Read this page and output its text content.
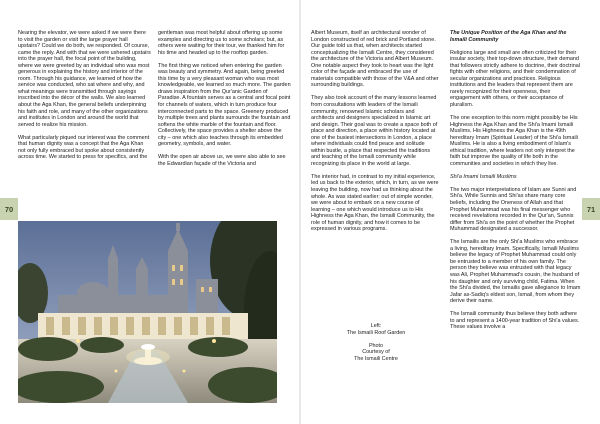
Nearing the elevator, we were asked if we were there to visit the garden or visit the large prayer hall upstairs? Could we do both, we responded. Of course, came the reply. And with that we were ushered upstairs into the prayer hall, the focal point of the building, where we were greeted by an individual who was most generous in explaining the history and interior of the room. Through his guidance, we learned of how the service was conducted, who sat where and why, and what meanings were transmitted through sayings inscribed into the décor of the walls. We also learned about the Aga Khan, the general beliefs underpinning his faith and role, and many of the other organizations and institutes in London and around the world that served to realize his mission.

What particularly piqued our interest was the comment that human dignity was a concept that the Aga Khan not only fully embraced but spoke about consistently across time. We started to press for specifics, and the

gentleman was most helpful about offering up some examples and directing us to some scholars; but, as others were waiting for their tour, we thanked him for his time and headed up to the rooftop garden.

The first thing we noticed when entering the garden was beauty and symmetry. And again, being greeted this time by a very pleasant woman who was most knowledgeable, we learned so much more. The garden draws inspiration from the Qur'anic Garden of Paradise. A fountain serves as a central and focal point for channels of waters, which in turn produce four interconnected parts to the space. Greenery produced by multiple trees and plants surrounds the fountain and softens the white marble of the fountain and floor. Collectively, the space provides a shelter above the city – one which also teaches through its embedded geometry, symbols, and water.

With the open air above us, we were also able to see the Edwardian façade of the Victoria and

70

Albert Museum, itself an architectural wonder of London constructed of red brick and Portland stone. Our guide told us that, when architects started conceptualizing the Ismaili Centre, they considered the architecture of the Victoria and Albert Museum. One notable aspect they took to heart was the light color of the façade and embraced the use of materials compatible with those of the V&A and other surrounding buildings.

They also took account of the many lessons learned from consultations with leaders of the Ismaili community, renowned Islamic scholars and architects and designers specialized in Islamic art and design. Their goal was to create a space both of place and direction, a place within history located at one of the busiest intersections in London, a place where individuals could find peace and solitude within bustle, a place that respected the traditions and teaching of the Ismaili community while recognizing its place in the world at large.

The interior had, in contrast to my initial experience, led us back to the exterior, which, in turn, as we were leaving the building, now had us thinking about the whole. As was stated earlier: out of simple wonder, we were about to embark on a new course of learning – one which would introduce us to His Highness the Aga Khan, the Ismaili Community, the role of human dignity, and how it comes to be expressed in various programs.

Left:
The Ismaili Roof Garden
Photo
Courtesy of
The Ismaili Centre
The Unique Position of the Aga Khan and the Ismaili Community

Religions large and small are often criticized for their insular society, their top-down structure, their demand that followers strictly adhere to doctrine, their doctrinal fights with other religions, and their condemnation of secular organizations and practices. Religious institutions and the leaders that represent them are rarely recognized for their openness, their engagement with others, or their acceptance of pluralism.

The one exception to this norm might possibly be His Highness the Aga Khan and the Shi'a Imami Ismaili Muslims. His Highness the Aga Khan is the 49th hereditary Imam (Spiritual Leader) of the Shi'a Ismaili Muslims. He is also a living embodiment of Islam's ethical tradition, where leaders not only interpret the faith but improve the quality of life both in the communities and societies in which they live.

Shi'a Imami Ismaili Muslims

The two major interpretations of Islam are Sunni and Shi'a. While Sunnis and Shi'as share many core beliefs, including the Oneness of Allah and that Prophet Muhammad was his final messenger who received revelations recorded in the Qur'an, Sunnis differ from Shi'a on the point of whether the Prophet Muhammad designated a successor.

The Ismailis are the only Shi'a Muslims who embrace a living, hereditary Imam. Specifically, Ismaili Muslims believe the legacy of Prophet Muhammad could only be entrusted to a member of his own family. The person they believe was entrusted with that legacy was Ali, Prophet Muhammad's cousin, the husband of his daughter and only surviving child, Fatima. When the Shi'a divided, the Ismailis gave allegiance to Imam Jafar as-Sadiq's eldest son, Ismail, from whom they derive their name.

The Ismaili community thus believe they both adhere to and represent a 1400-year tradition of Shi'a values. These values involve a

71
